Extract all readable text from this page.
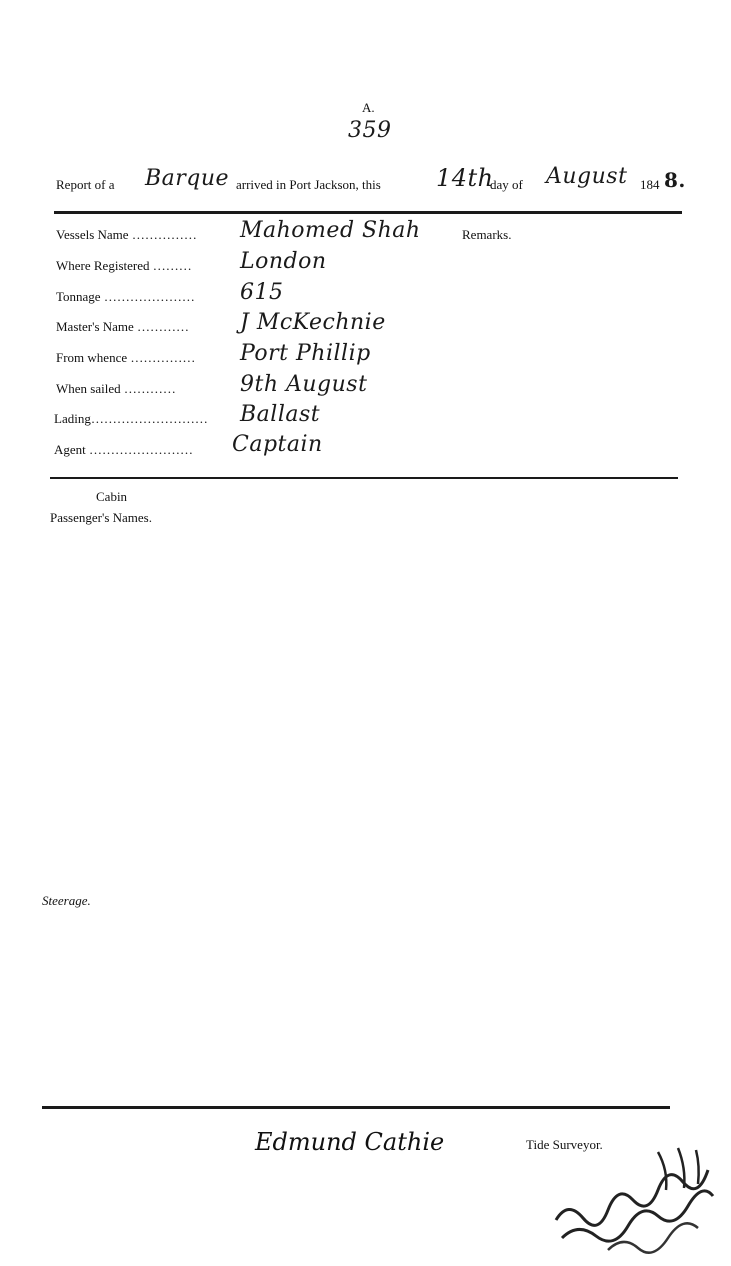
A.
359
Report of a Barque arrived in Port Jackson, this 14th
day of August 184 8.
Vessels Name …………… Mahomed Shah	Remarks.
Where Registered ……… London
Tonnage ………………… 615
Master's Name ………… J McKechnie
From whence …………… Port Phillip
When sailed …………	9th August
Lading……………………… Ballast
Agent …………………… Captain
Cabin
Passenger's Names.
Steerage.
Edmund Cathie	Tide Surveyor.
